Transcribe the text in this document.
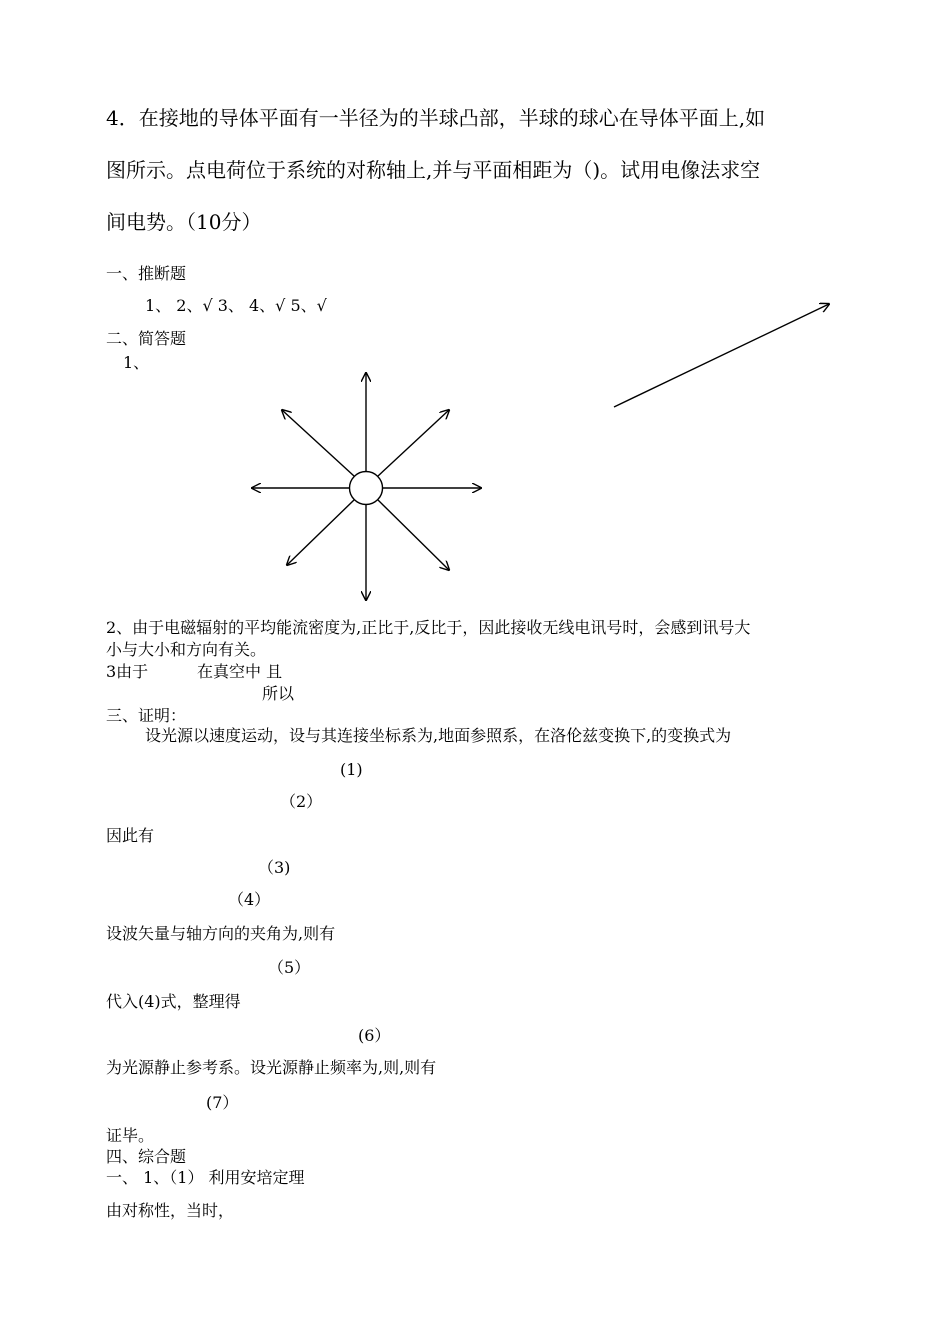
4．在接地的导体平面有一半径为的半球凸部，半球的球心在导体平面上,如
图所示。点电荷位于系统的对称轴上,并与平面相距为（)。试用电像法求空
间电势。（10分）
一、推断题
1、 2、√ 3、 4、√ 5、√
二、简答题
1、
2、由于电磁辐射的平均能流密度为,正比于,反比于，因此接收无线电讯号时，会感到讯号大
小与大小和方向有关。
3由于	在真空中 且
所以
三、证明：
设光源以速度运动，设与其连接坐标系为,地面参照系，在洛伦兹变换下,的变换式为
(1)
（2）
因此有
（3)
（4）
设波矢量与轴方向的夹角为,则有
（5）
代入(4)式，整理得
(6）
为光源静止参考系。设光源静止频率为,则,则有
(7）
证毕。
四、综合题
一、 1、（1） 利用安培定理
由对称性，当时，
